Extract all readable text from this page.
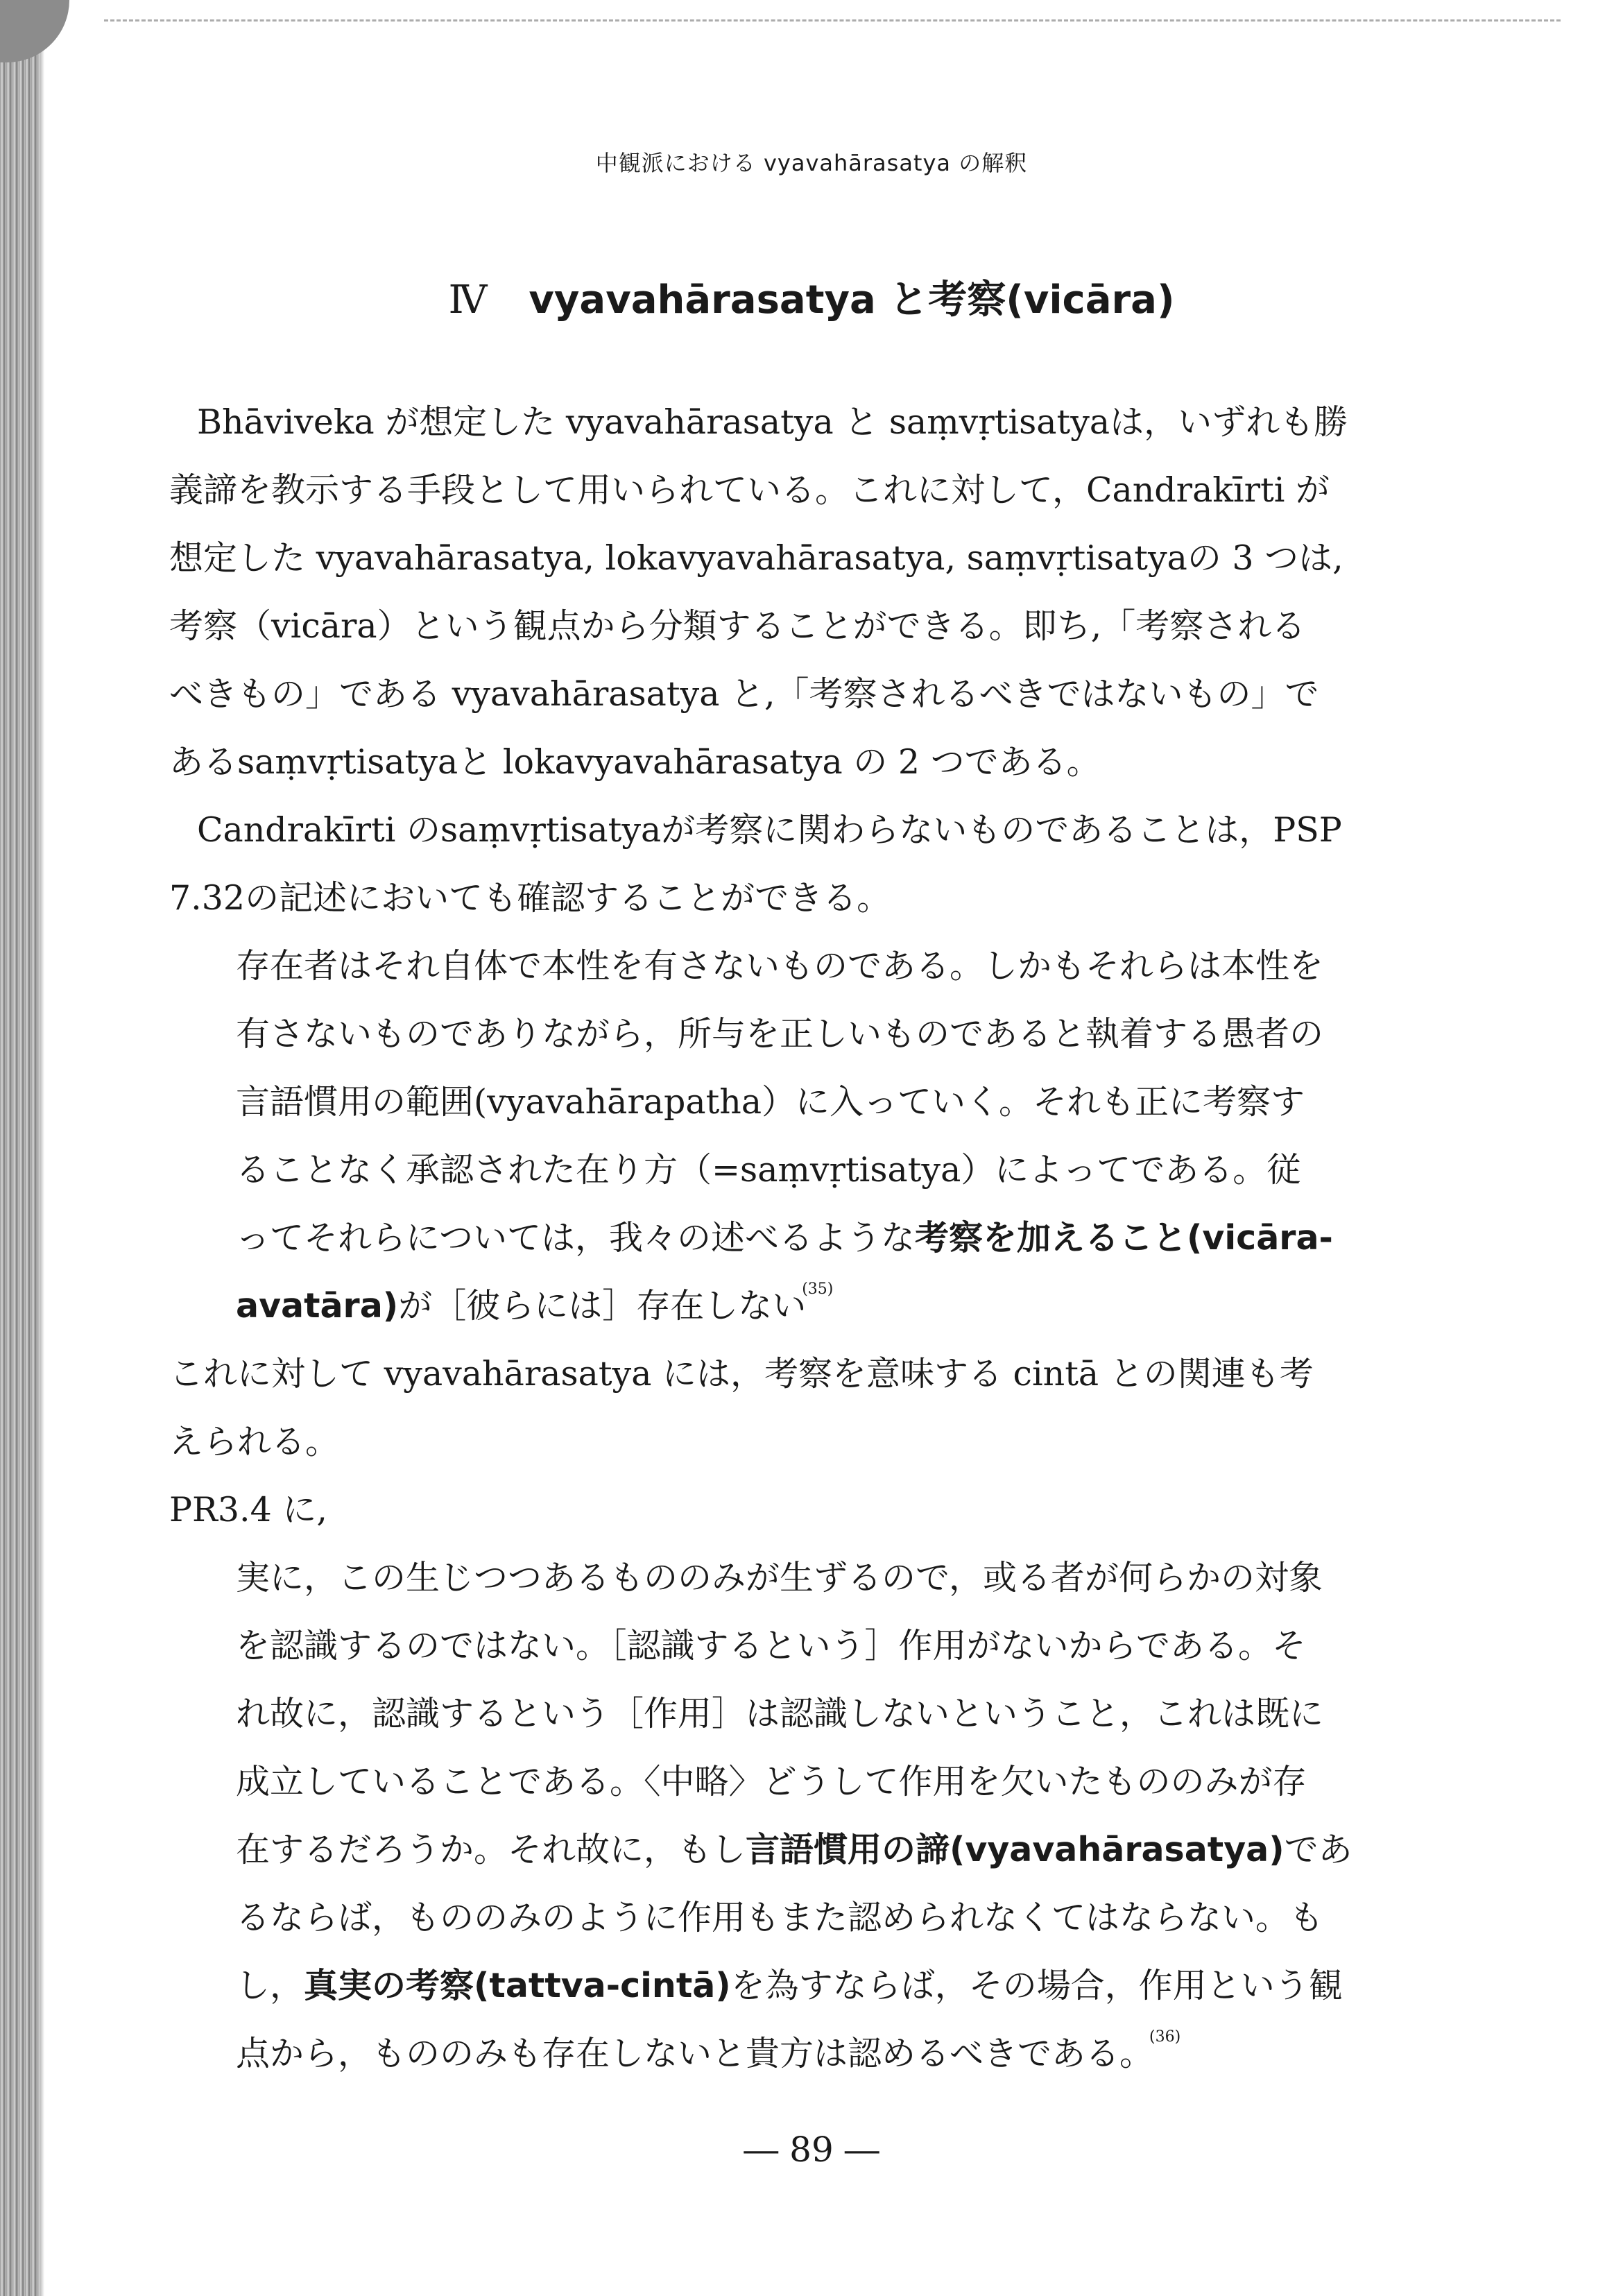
中観派における vyavahārasatya の解釈
Ⅳ vyavahārasatya と考察(vicāra)
Bhāviveka が想定した vyavahārasatya と saṃvṛtisatyaは，いずれも勝
義諦を教示する手段として用いられている。これに対して，Candrakīrti が
想定した vyavahārasatya, lokavyavahārasatya, saṃvṛtisatyaの 3 つは,
考察（vicāra）という観点から分類することができる。即ち,「考察される
べきもの」である vyavahārasatya と,「考察されるべきではないもの」で
あるsaṃvṛtisatyaと lokavyavahārasatya の 2 つである。
Candrakīrti のsaṃvṛtisatyaが考察に関わらないものであることは，PSP
7.32の記述においても確認することができる。
存在者はそれ自体で本性を有さないものである。しかもそれらは本性を
有さないものでありながら，所与を正しいものであると執着する愚者の
言語慣用の範囲(vyavahārapatha）に入っていく。それも正に考察す
ることなく承認された在り方（=saṃvṛtisatya）によってである。従
ってそれらについては，我々の述べるような考察を加えること(vicāra-
avatāra)が［彼らには］存在しない$^{(35)}$
これに対して vyavahārasatya には，考察を意味する cintā との関連も考
えられる。
PR3.4 に,
実に，この生じつつあるもののみが生ずるので，或る者が何らかの対象
を認識するのではない。［認識するという］作用がないからである。そ
れ故に，認識するという［作用］は認識しないということ，これは既に
成立していることである。〈中略〉どうして作用を欠いたもののみが存
在するだろうか。それ故に，もし言語慣用の諦(vyavahārasatya)であ
るならば，もののみのように作用もまた認められなくてはならない。も
し，真実の考察(tattva-cintā)を為すならば，その場合，作用という観
点から，もののみも存在しないと貴方は認めるべきである。$^{(36)}$
― 89 ―
